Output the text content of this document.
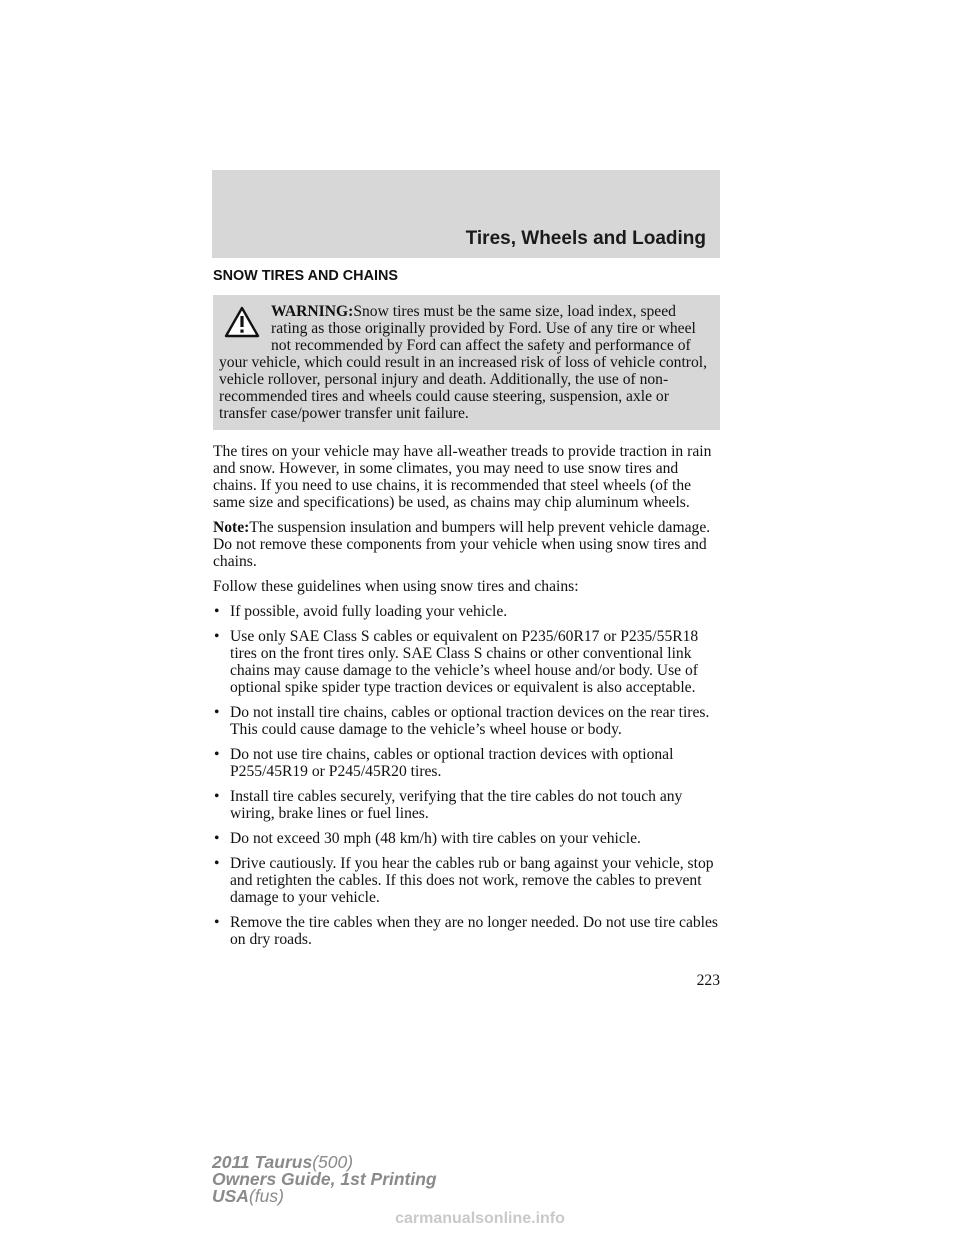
Tires, Wheels and Loading
SNOW TIRES AND CHAINS

WARNING:Snow tires must be the same size, load index, speed rating as those originally provided by Ford. Use of any tire or wheel not recommended by Ford can affect the safety and performance of your vehicle, which could result in an increased risk of loss of vehicle control, vehicle rollover, personal injury and death. Additionally, the use of non-recommended tires and wheels could cause steering, suspension, axle or transfer case/power transfer unit failure.

The tires on your vehicle may have all-weather treads to provide traction in rain and snow. However, in some climates, you may need to use snow tires and chains. If you need to use chains, it is recommended that steel wheels (of the same size and specifications) be used, as chains may chip aluminum wheels.

Note:The suspension insulation and bumpers will help prevent vehicle damage. Do not remove these components from your vehicle when using snow tires and chains.

Follow these guidelines when using snow tires and chains:

• If possible, avoid fully loading your vehicle.
• Use only SAE Class S cables or equivalent on P235/60R17 or P235/55R18 tires on the front tires only. SAE Class S chains or other conventional link chains may cause damage to the vehicle’s wheel house and/or body. Use of optional spike spider type traction devices or equivalent is also acceptable.
• Do not install tire chains, cables or optional traction devices on the rear tires. This could cause damage to the vehicle’s wheel house or body.
• Do not use tire chains, cables or optional traction devices with optional P255/45R19 or P245/45R20 tires.
• Install tire cables securely, verifying that the tire cables do not touch any wiring, brake lines or fuel lines.
• Do not exceed 30 mph (48 km/h) with tire cables on your vehicle.
• Drive cautiously. If you hear the cables rub or bang against your vehicle, stop and retighten the cables. If this does not work, remove the cables to prevent damage to your vehicle.
• Remove the tire cables when they are no longer needed. Do not use tire cables on dry roads.
223
2011 Taurus(500)
Owners Guide, 1st Printing
USA(fus)
carmanualsonline.info
